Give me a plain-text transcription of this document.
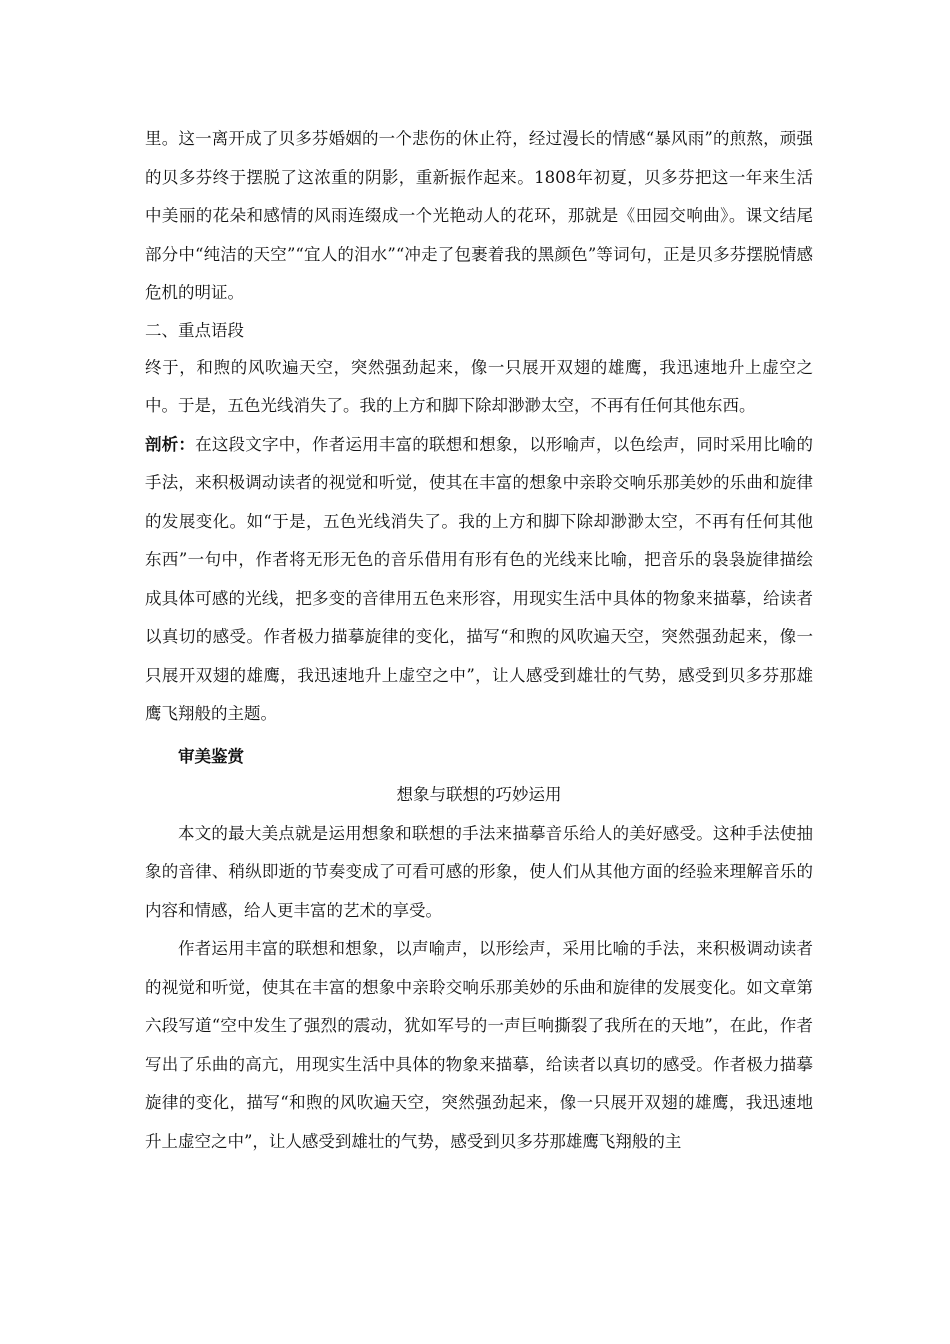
里。这一离开成了贝多芬婚姻的一个悲伤的休止符，经过漫长的情感“暴风雨”的煎熬，顽强的贝多芬终于摆脱了这浓重的阴影，重新振作起来。1808年初夏，贝多芬把这一年来生活中美丽的花朵和感情的风雨连缀成一个光艳动人的花环，那就是《田园交响曲》。课文结尾部分中“纯洁的天空”“宜人的泪水”“冲走了包裹着我的黑颜色”等词句，正是贝多芬摆脱情感危机的明证。

二、重点语段

终于，和煦的风吹遍天空，突然强劲起来，像一只展开双翅的雄鹰，我迅速地升上虚空之中。于是，五色光线消失了。我的上方和脚下除却渺渺太空，不再有任何其他东西。

剖析：在这段文字中，作者运用丰富的联想和想象，以形喻声，以色绘声，同时采用比喻的手法，来积极调动读者的视觉和听觉，使其在丰富的想象中亲聆交响乐那美妙的乐曲和旋律的发展变化。如“于是，五色光线消失了。我的上方和脚下除却渺渺太空，不再有任何其他东西”一句中，作者将无形无色的音乐借用有形有色的光线来比喻，把音乐的袅袅旋律描绘成具体可感的光线，把多变的音律用五色来形容，用现实生活中具体的物象来描摹，给读者以真切的感受。作者极力描摹旋律的变化，描写“和煦的风吹遍天空，突然强劲起来，像一只展开双翅的雄鹰，我迅速地升上虚空之中”，让人感受到雄壮的气势，感受到贝多芬那雄鹰飞翔般的主题。

审美鉴赏

想象与联想的巧妙运用

本文的最大美点就是运用想象和联想的手法来描摹音乐给人的美好感受。这种手法使抽象的音律、稍纵即逝的节奏变成了可看可感的形象，使人们从其他方面的经验来理解音乐的内容和情感，给人更丰富的艺术的享受。

作者运用丰富的联想和想象，以声喻声，以形绘声，采用比喻的手法，来积极调动读者的视觉和听觉，使其在丰富的想象中亲聆交响乐那美妙的乐曲和旋律的发展变化。如文章第六段写道“空中发生了强烈的震动，犹如军号的一声巨响撕裂了我所在的天地”，在此，作者写出了乐曲的高亢，用现实生活中具体的物象来描摹，给读者以真切的感受。作者极力描摹旋律的变化，描写“和煦的风吹遍天空，突然强劲起来，像一只展开双翅的雄鹰，我迅速地升上虚空之中”，让人感受到雄壮的气势，感受到贝多芬那雄鹰飞翔般的主
